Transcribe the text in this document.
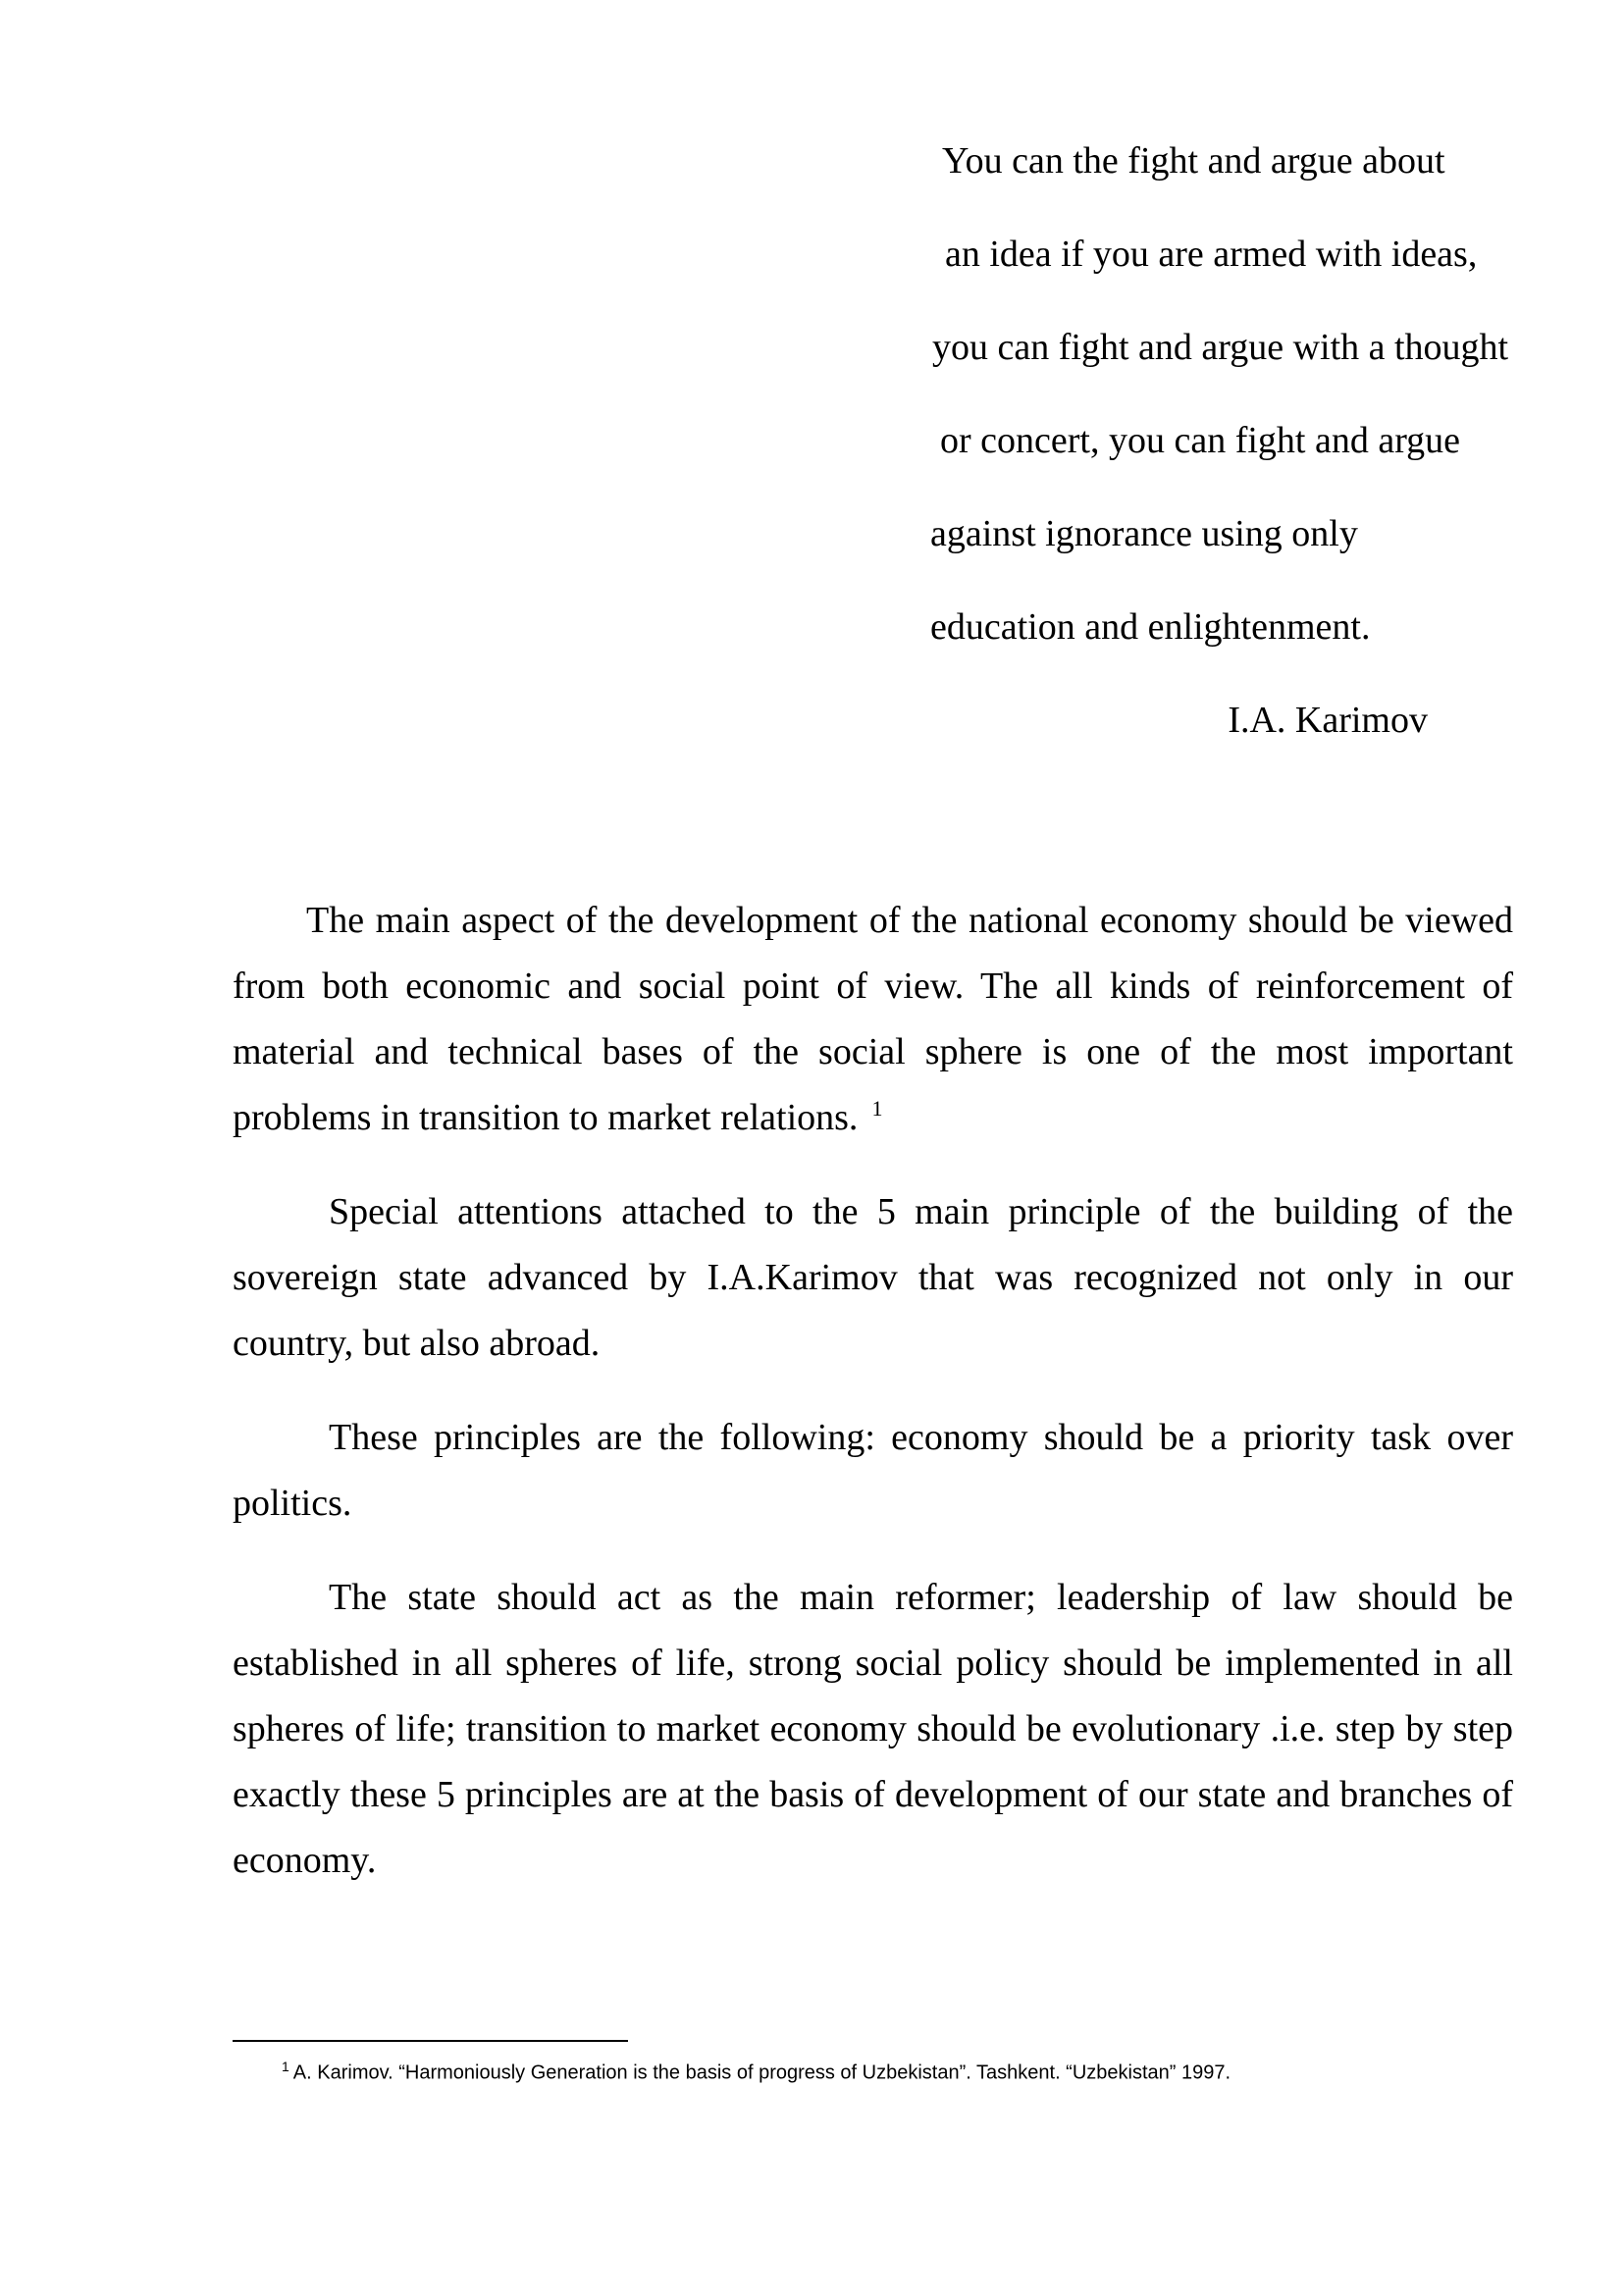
You can the fight and argue about
an idea if you are armed with ideas,
you can fight and argue with a thought
or concert, you can fight and argue
against ignorance using only
education and enlightenment.
I.A. Karimov

The main aspect of the development of the national economy should be viewed from both economic and social point of view. The all kinds of reinforcement of material and technical bases of the social sphere is one of the most important problems in transition to market relations. $^1$

Special attentions attached to the 5 main principle of the building of the sovereign state advanced by I.A.Karimov that was recognized not only in our country, but also abroad.

These principles are the following: economy should be a priority task over politics.

The state should act as the main reformer; leadership of law should be established in all spheres of life, strong social policy should be implemented in all spheres of life; transition to market economy should be evolutionary .i.e. step by step exactly these 5 principles are at the basis of development of our state and branches of economy.

$^1$ A. Karimov. “Harmoniously Generation is the basis of progress of Uzbekistan”. Tashkent. “Uzbekistan” 1997.
